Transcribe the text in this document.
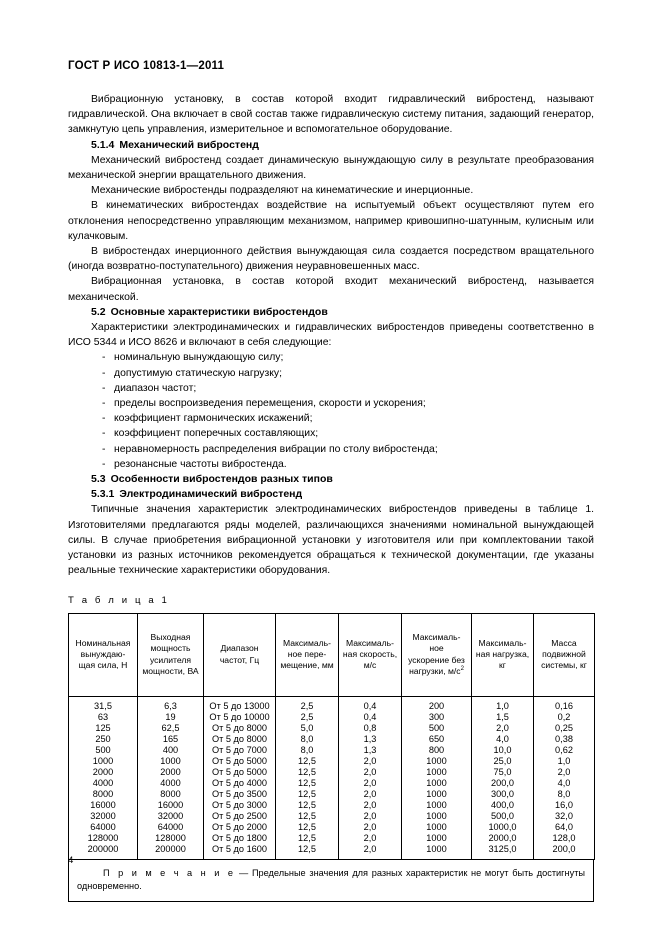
ГОСТ Р ИСО 10813-1—2011

Вибрационную установку, в состав которой входит гидравлический вибростенд, называют гидравлической. Она включает в свой состав также гидравлическую систему питания, задающий генератор, замкнутую цепь управления, измерительное и вспомогательное оборудование.

5.1.4 Механический вибростенд

Механический вибростенд создает динамическую вынуждающую силу в результате преобразования механической энергии вращательного движения.

Механические вибростенды подразделяют на кинематические и инерционные.

В кинематических вибростендах воздействие на испытуемый объект осуществляют путем его отклонения непосредственно управляющим механизмом, например кривошипно-шатунным, кулисным или кулачковым.

В вибростендах инерционного действия вынуждающая сила создается посредством вращательного (иногда возвратно-поступательного) движения неуравновешенных масс.

Вибрационная установка, в состав которой входит механический вибростенд, называется механической.

5.2 Основные характеристики вибростендов

Характеристики электродинамических и гидравлических вибростендов приведены соответственно в ИСО 5344 и ИСО 8626 и включают в себя следующие:

- номинальную вынуждающую силу;
- допустимую статическую нагрузку;
- диапазон частот;
- пределы воспроизведения перемещения, скорости и ускорения;
- коэффициент гармонических искажений;
- коэффициент поперечных составляющих;
- неравномерность распределения вибрации по столу вибростенда;
- резонансные частоты вибростенда.
5.3 Особенности вибростендов разных типов
5.3.1 Электродинамический вибростенд

Типичные значения характеристик электродинамических вибростендов приведены в таблице 1. Изготовителями предлагаются ряды моделей, различающихся значениями номинальной вынуждающей силы. В случае приобретения вибрационной установки у изготовителя или при комплектовании такой установки из разных источников рекомендуется обращаться к технической документации, где указаны реальные технические характеристики оборудования.

Т а б л и ц а 1
Номинальная
вынуждаю-
щая сила, Н	Выходная
мощность
усилителя
мощности, ВА	Диапазон
частот, Гц	Максималь-
ное пере-
мещение, мм	Максималь-
ная скорость,
м/с	Максималь-
ное
ускорение без
нагрузки, $м/с^2$	Максималь-
ная нагрузка,
кг	Масса
подвижной
системы, кг
31,5	6,3	От 5 до 13000	2,5	0,4	200	1,0	0,16
63	19	От 5 до 10000	2,5	0,4	300	1,5	0,2
125	62,5	От 5 до 8000	5,0	0,8	500	2,0	0,25
250	165	От 5 до 8000	8,0	1,3	650	4,0	0,38
500	400	От 5 до 7000	8,0	1,3	800	10,0	0,62
1000	1000	От 5 до 5000	12,5	2,0	1000	25,0	1,0
2000	2000	От 5 до 5000	12,5	2,0	1000	75,0	2,0
4000	4000	От 5 до 4000	12,5	2,0	1000	200,0	4,0
8000	8000	От 5 до 3500	12,5	2,0	1000	300,0	8,0
16000	16000	От 5 до 3000	12,5	2,0	1000	400,0	16,0
32000	32000	От 5 до 2500	12,5	2,0	1000	500,0	32,0
64000	64000	От 5 до 2000	12,5	2,0	1000	1000,0	64,0
128000	128000	От 5 до 1800	12,5	2,0	1000	2000,0	128,0
200000	200000	От 5 до 1600	12,5	2,0	1000	3125,0	200,0
П р и м е ч а н и е — Предельные значения для разных характеристик не могут быть достигнуты одновременно.
4
